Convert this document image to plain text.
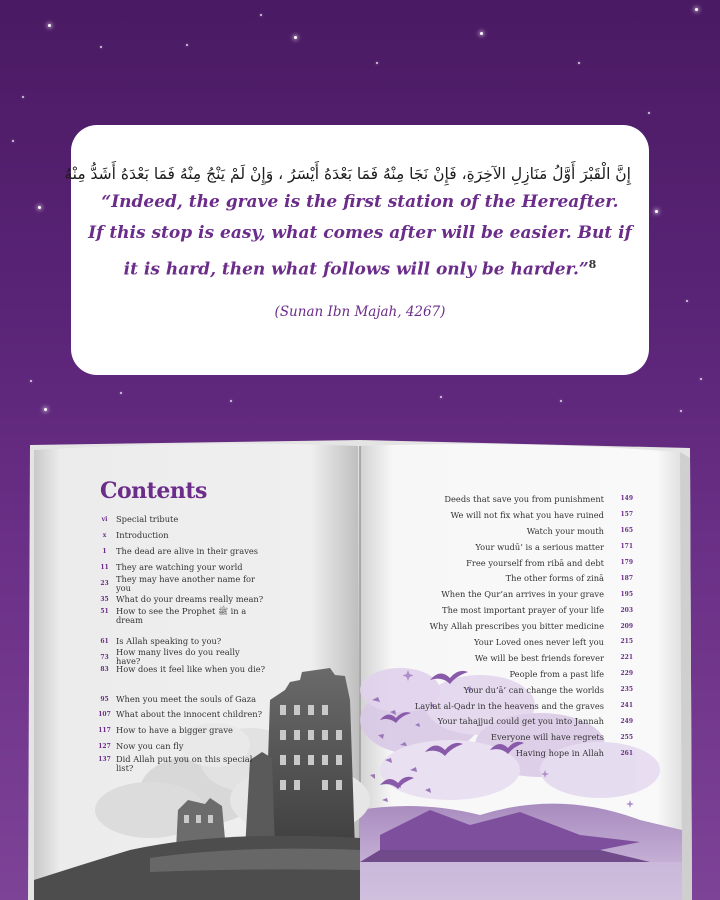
إِنَّ الْقَبْرَ أَوَّلُ مَنَازِلِ الآخِرَةِ، فَإِنْ نَجَا مِنْهُ فَمَا بَعْدَهُ أَيْسَرُ ، وَإِنْ لَمْ يَنْجُ مِنْهُ فَمَا بَعْدَهُ أَشَدُّ مِنْهُ
“Indeed, the grave is the first station of the Hereafter.
If this stop is easy, what comes after will be easier. But if
it is hard, then what follows will only be harder.”$^8$
(Sunan Ibn Majah, 4267)
Contents
vi	Special tribute
x	Introduction
1	The dead are alive in their graves
11 They are watching your world
23 They may have another name for you
35 What do your dreams really mean?
51 How to see the Prophet ﷺ in a dream
61 Is Allah speaking to you?
73 How many lives do you really have?
83 How does it feel like when you die?
95 When you meet the souls of Gaza
107 What about the innocent children?
117 How to have a bigger grave
127 Now you can fly
137 Did Allah put you on this special list?
Deeds that save you from punishment	149
We will not fix what you have ruined	157
Watch your mouth	165
Your wudū’ is a serious matter	171
Free yourself from ribā and debt	179
The other forms of zinā	187
When the Qur’an arrives in your grave	195
The most important prayer of your life	203
Why Allah prescribes you bitter medicine	209
Your Loved ones never left you	215
We will be best friends forever	221
People from a past life	229
Your du‘ā’ can change the worlds	235
Laylat al-Qadr in the heavens and the graves	241
Your tahajjud could get you into Jannah	249
Everyone will have regrets	255
Having hope in Allah	261
